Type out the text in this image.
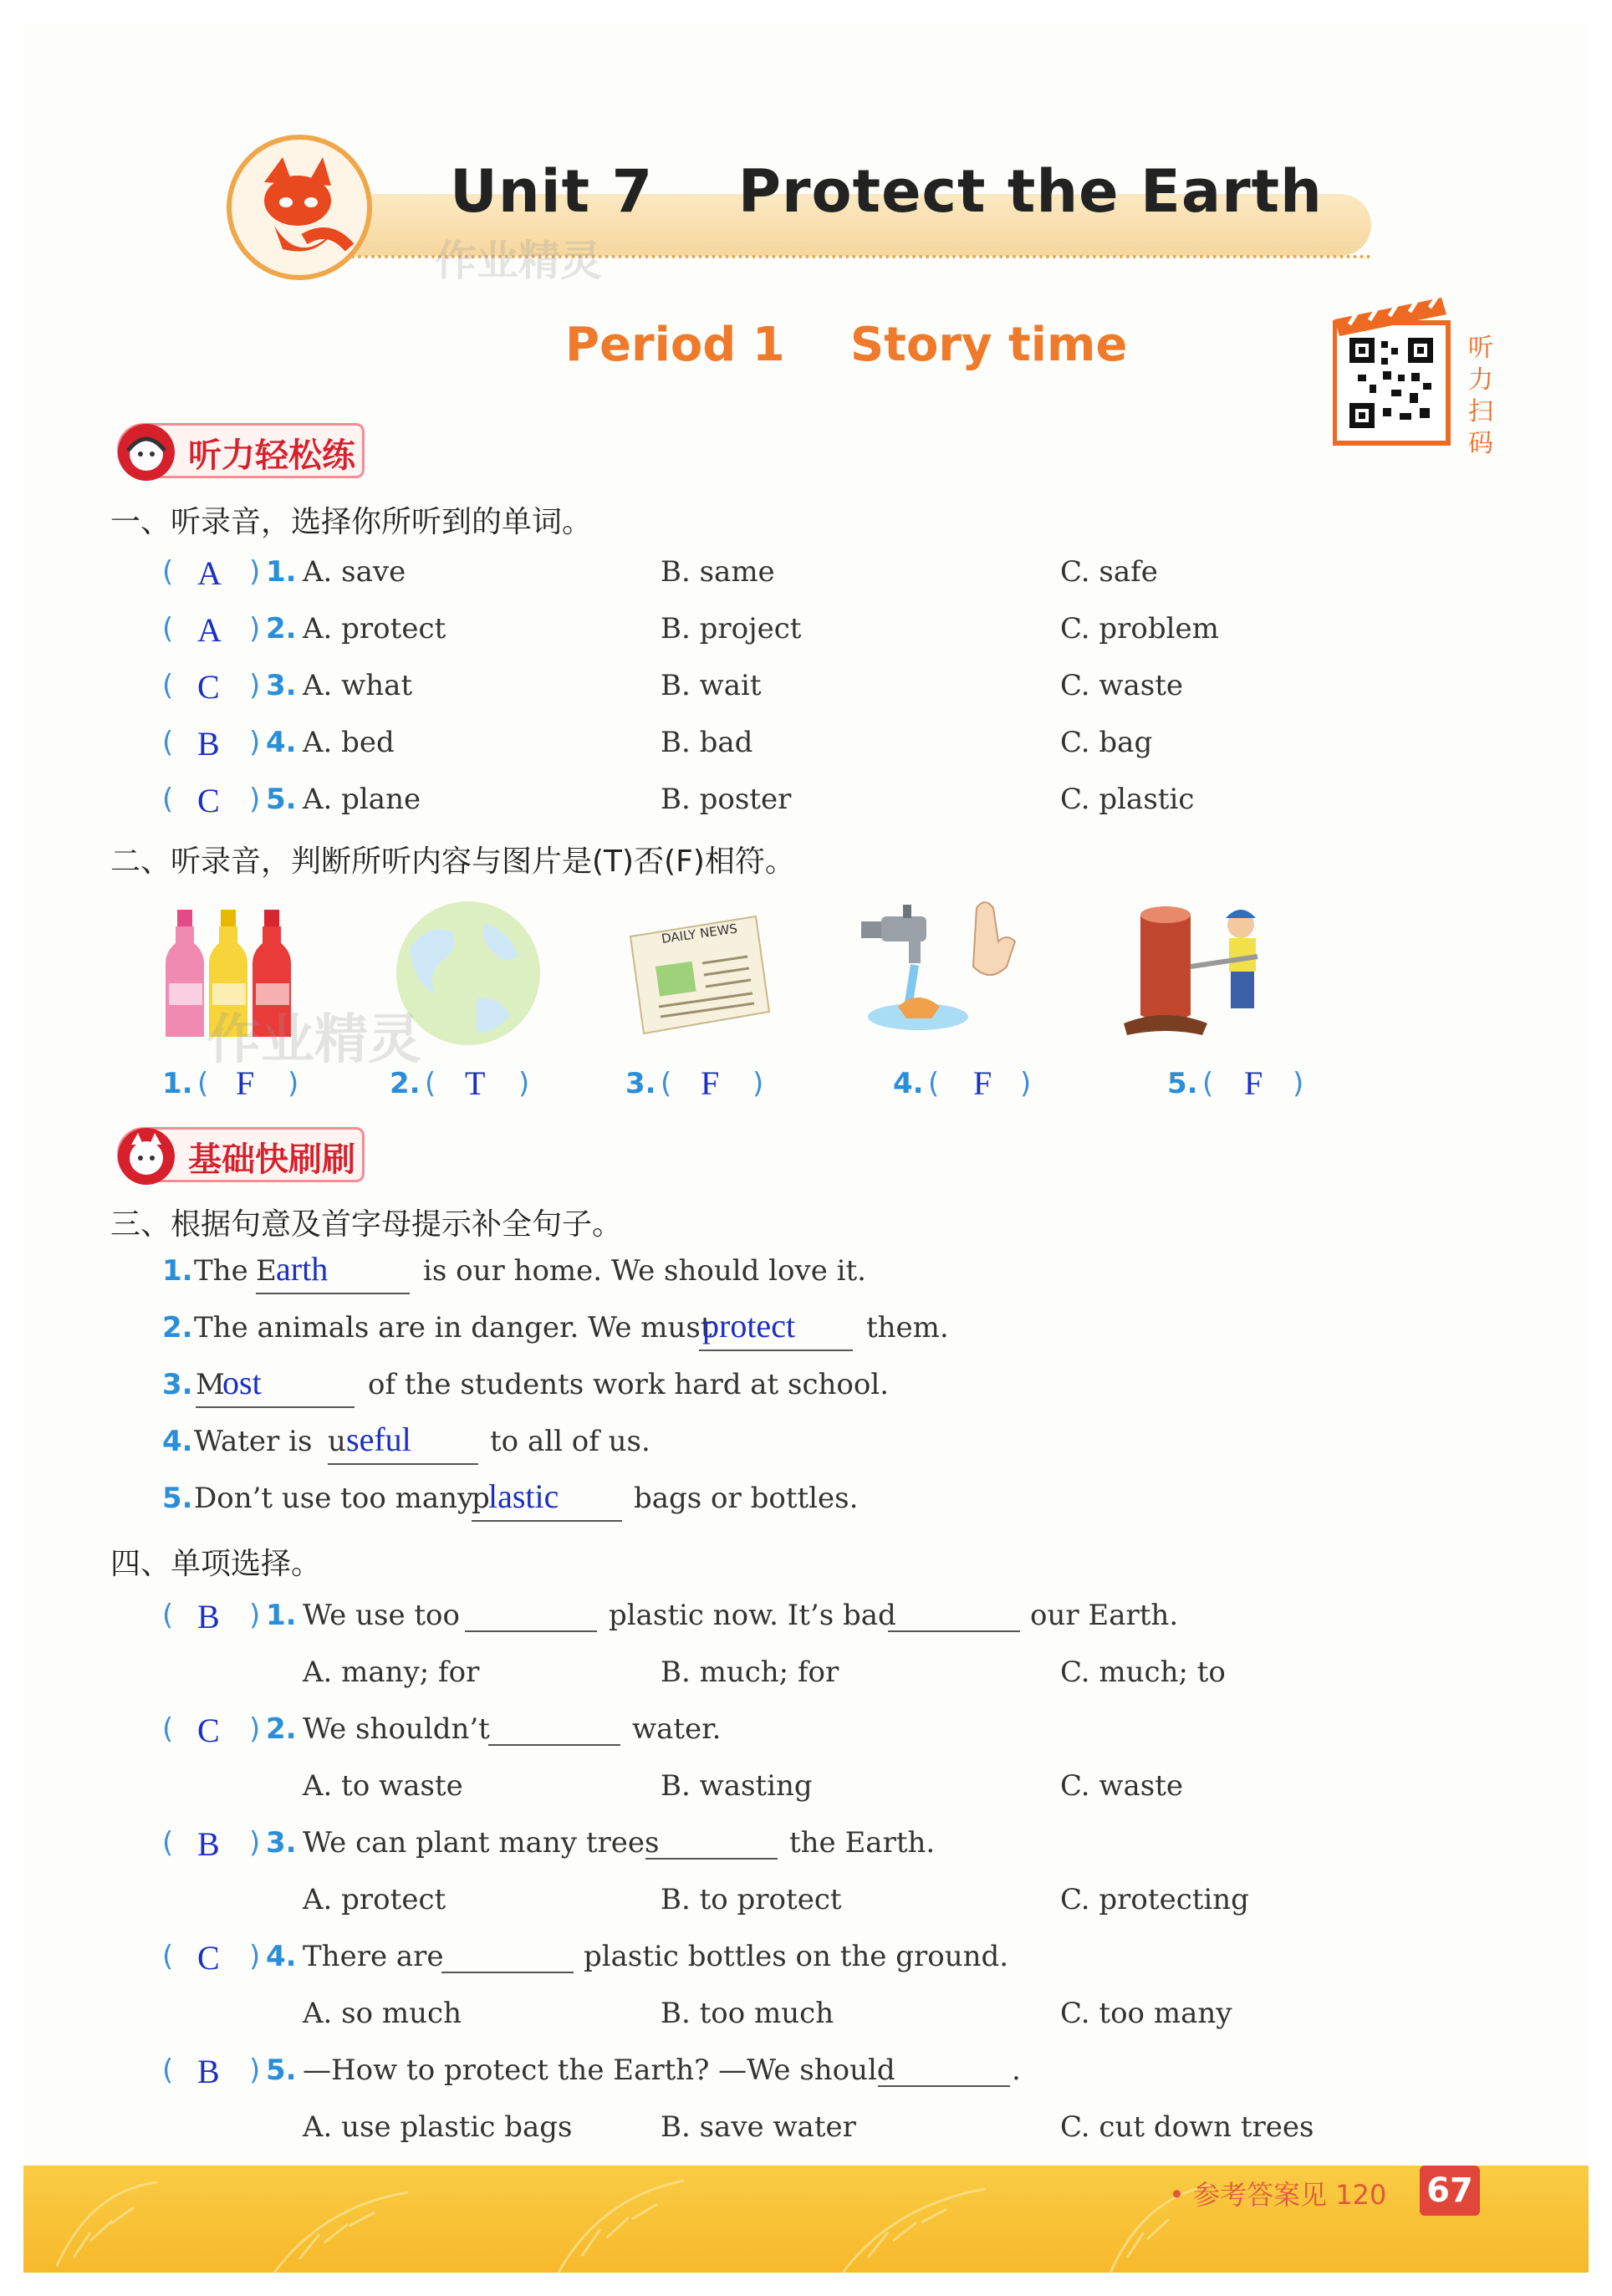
Unit 7    Protect the Earth
作业精灵
Period 1    Story time	听力扫码
听力轻松练
一、听录音，选择你所听到的单词。
( A ) 1. A. save	B. same	C. safe
( A ) 2. A. protect	B. project	C. problem
( C ) 3. A. what	B. wait	C. waste
( B ) 4. A. bed	B. bad	C. bag
( C ) 5. A. plane	B. poster	C. plastic
二、听录音，判断所听内容与图片是(T)否(F)相符。
DAILY NEWS
作业精灵
1. ( F )	2. ( T )	3. ( F )	4. ( F )	5. ( F )
基础快刷刷
三、根据句意及首字母提示补全句子。
1. The E arth	is our home. We should love it.
2. The animals are in danger. We must
protect them.
3. M
ost	of the students work hard at school.
4. Water is u seful	to all of us.
5. Don’t use too many
p
lastic	bags or bottles.
四、单项选择。
( B ) 1. We use too	plastic now. It’s bad	our Earth.
A. many; for	B. much; for	C. much; to
( C ) 2. We shouldn’t	water.
A. to waste	B. wasting	C. waste
( B ) 3. We can plant many trees	the Earth.
A. protect	B. to protect	C. protecting
( C ) 4. There are	plastic bottles on the ground.
A. so much	B. too much	C. too many
( B ) 5. —How to protect the Earth? —We should	.
A. use plastic bags	B. save water	C. cut down trees
• 参考答案见 120 67
